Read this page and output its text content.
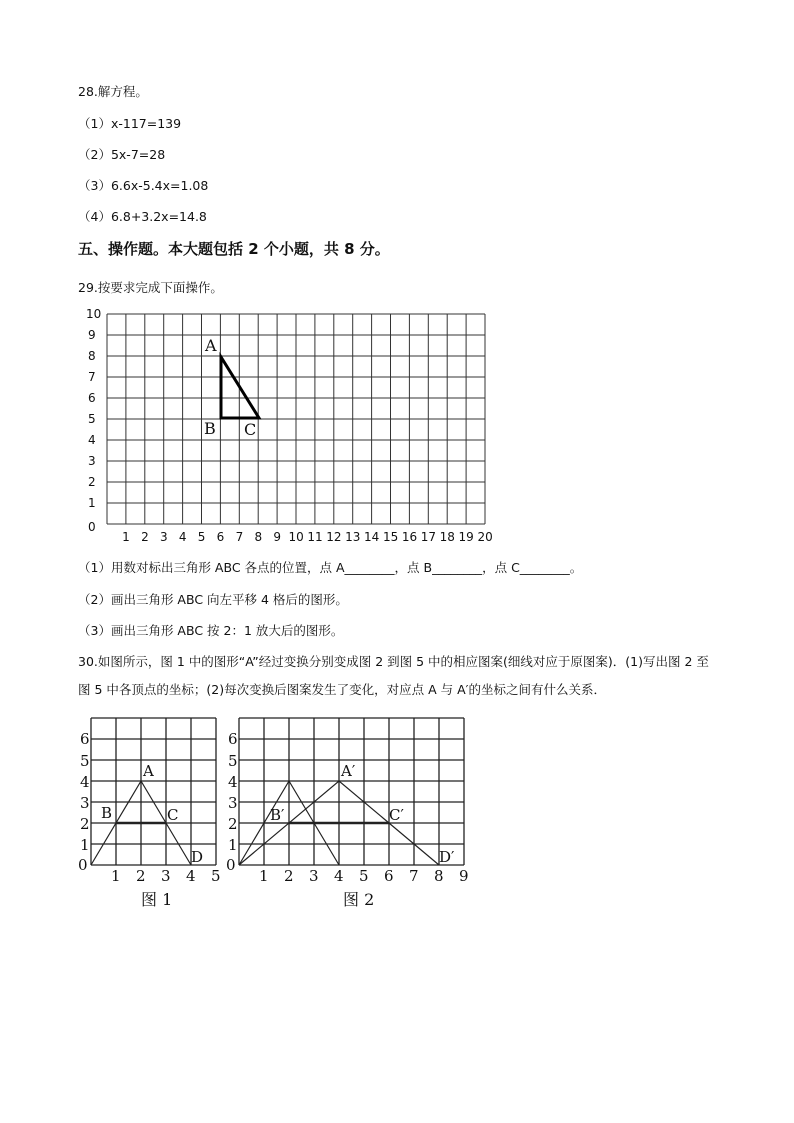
28.解方程。
（1）x-117=139
（2）5x-7=28
（3）6.6x-5.4x=1.08
（4）6.8+3.2x=14.8
五、操作题。本大题包括 2 个小题，共 8 分。
29.按要求完成下面操作。
10
8
9
7
6
5
4
3
2
1
0
1 2 3 4 5 6 7 8 9 10 11 12 13 14 15 16 17 18 19 20
A
B C
（1）用数对标出三角形 ABC 各点的位置，点 A________，点 B________，点 C________。
（2）画出三角形 ABC 向左平移 4 格后的图形。
（3）画出三角形 ABC 按 2：1 放大后的图形。
30.如图所示，图 1 中的图形“A”经过变换分别变成图 2 到图 5 中的相应图案(细线对应于原图案)．(1)写出图 2 至图 5 中各顶点的坐标；(2)每次变换后图案发生了变化，对应点 A 与 A′的坐标之间有什么关系．
0
6
5
4
3
2
1
1 2 3 4 5
A
B	C
D
图 1
0
6
5
4
3
2
1
1 2 3 4 5 6 7 8 9
A′
B′	C′
D′
图 2
